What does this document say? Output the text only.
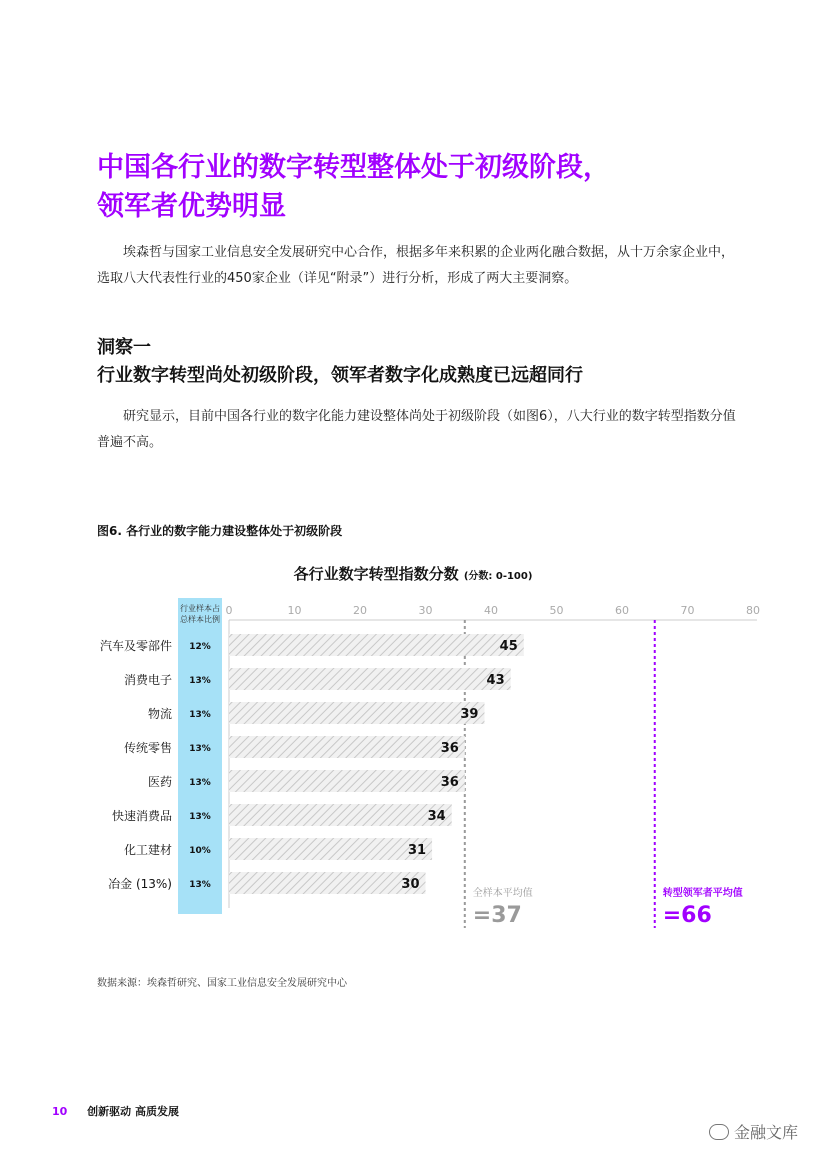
中国各行业的数字转型整体处于初级阶段，
领军者优势明显

埃森哲与国家工业信息安全发展研究中心合作，根据多年来积累的企业两化融合数据，从十万余家企业中，选取八大代表性行业的450家企业（详见“附录”）进行分析，形成了两大主要洞察。

洞察一
行业数字转型尚处初级阶段，领军者数字化成熟度已远超同行

研究显示，目前中国各行业的数字化能力建设整体尚处于初级阶段（如图6），八大行业的数字转型指数分值普遍不高。

图6. 各行业的数字能力建设整体处于初级阶段
各行业数字转型指数分数 (分数: 0-100)
行业样本占
总样本比例
0	10	20	30	40	50	60	70	80
全样本平均值
=37
转型领军者平均值
=66
45
汽车及零部件 12%
43
消费电子 13%
39
物流 13%
36
传统零售 13%
36
医药 13%
34
快速消费品 13%
31
化工建材 10%
30
冶金 (13%) 13%
数据来源：埃森哲研究、国家工业信息安全发展研究中心
10 创新驱动 高质发展
金融文库
